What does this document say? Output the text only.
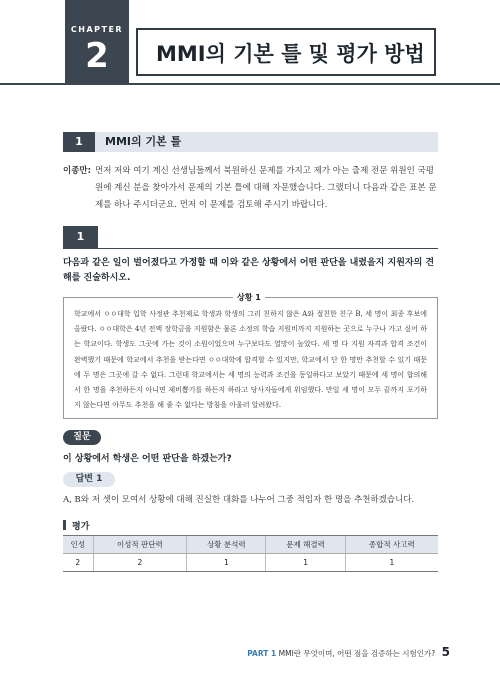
CHAPTER
2	MMI의 기본 틀 및 평가 방법
1	MMI의 기본 틀
이종만: 먼저 저와 여기 계신 선생님들께서 북원하신 문제를 가지고 제가 아는 출제 전문 위원인 국평원에 계신 분을 찾아가서 문제의 기본 틀에 대해 자문했습니다. 그랬더니 다음과 같은 표본 문제를 하나 주시더군요. 먼저 이 문제를 검토해 주시기 바랍니다.
1
다음과 같은 일이 벌어졌다고 가정할 때 이와 같은 상황에서 어떤 판단을 내렸을지 지원자의 견해를 진술하시오.
상황 1
학교에서 ㅇㅇ대학 입학 사정관 추천제로 학생과 학생의 그리 친하지 않은 A와 절친한 친구 B, 세 명이 최종 후보에 올랐다. ㅇㅇ대학은 4년 전액 장학금을 지원함은 물론 소정의 학습 지원비까지 지원하는 곳으로 누구나 가고 싶어 하는 학교이다. 학생도 그곳에 가는 것이 소원이었으며 누구보다도 열망이 높았다. 세 명 다 지원 자격과 합격 조건이 완벽했기 때문에 학교에서 추천을 받는다면 ㅇㅇ대학에 합격할 수 있지만, 학교에서 단 한 명만 추천할 수 있기 때문에 두 명은 그곳에 갈 수 없다. 그런데 학교에서는 세 명의 능력과 조건을 동일하다고 보았기 때문에 세 명이 합의해서 한 명을 추천하든지 아니면 제비뽑기를 하든지 하라고 당사자들에게 위임했다. 만일 세 명이 모두 끝까지 포기하지 않는다면 아무도 추천을 해 줄 수 없다는 방침을 아울러 알려왔다.
질문
이 상황에서 학생은 어떤 판단을 하겠는가?
답변 1
A, B와 저 셋이 모여서 상황에 대해 진실한 대화를 나누어 그중 적임자 한 명을 추천하겠습니다.
평가
인성	이성적 판단력	상황 분석력	문제 해결력	종합적 사고력
2	2	1	1	1
PART 1 MMI란 무엇이며, 어떤 점을 검증하는 시험인가? 5
